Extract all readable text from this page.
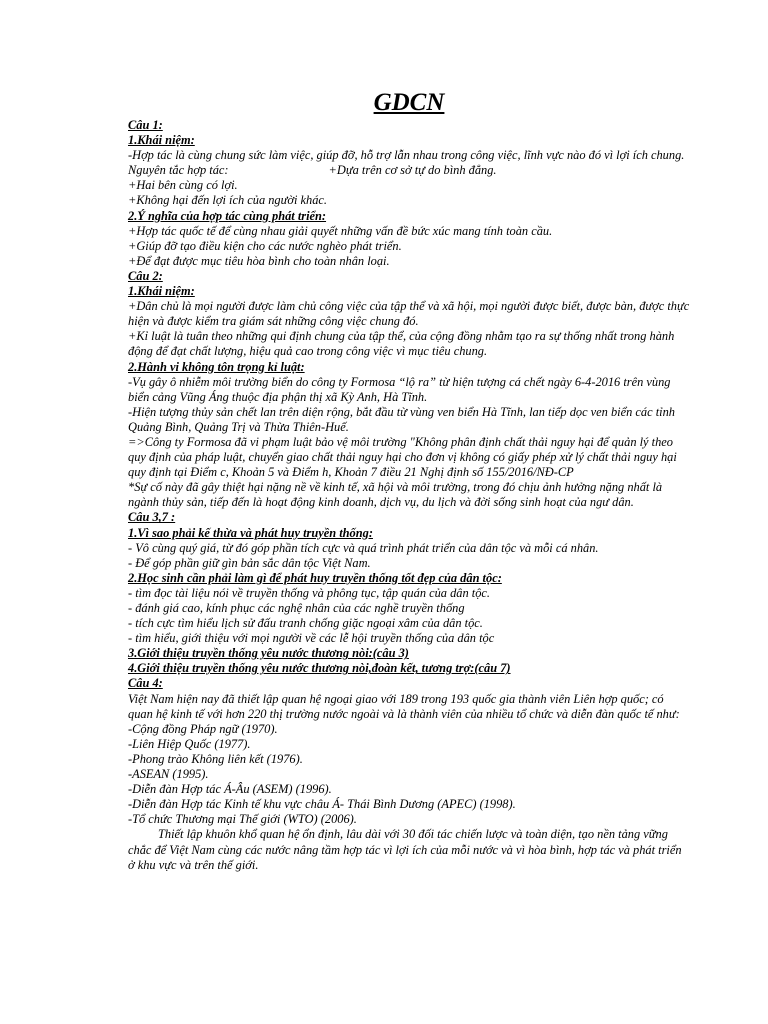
GDCN

Câu 1:

1.Khái niệm:

-Hợp tác là cùng chung sức làm việc, giúp đỡ, hỗ trợ lẫn nhau trong công việc, lĩnh vực nào đó vì lợi ích chung. Nguyên tắc hợp tác:	+Dựa trên cơ sở tự do bình đẳng.

+Hai bên cùng có lợi.

+Không hại đến lợi ích của người khác.

2.Ý nghĩa của hợp tác cùng phát triển:

+Hợp tác quốc tế để cùng nhau giải quyết những vấn đề bức xúc mang tính toàn cầu.

+Giúp đỡ tạo điều kiện cho các nước nghèo phát triển.

+Để đạt được mục tiêu hòa bình cho toàn nhân loại.

Câu 2:

1.Khái niệm:

+Dân chủ là mọi người được làm chủ công việc của tập thể và xã hội, mọi người được biết, được bàn, được thực hiện và được kiểm tra giám sát những công việc chung đó.

+Kỉ luật là tuân theo những qui định chung của tập thể, của cộng đồng nhằm tạo ra sự thống nhất trong hành động để đạt chất lượng, hiệu quả cao trong công việc vì mục tiêu chung.

2.Hành vi không tôn trọng kỉ luật:

-Vụ gây ô nhiễm môi trường biển do công ty Formosa “lộ ra” từ hiện tượng cá chết ngày 6-4-2016 trên vùng biển cảng Vũng Áng thuộc địa phận thị xã Kỳ Anh, Hà Tĩnh.

-Hiện tượng thủy sản chết lan trên diện rộng, bắt đầu từ vùng ven biển Hà Tĩnh, lan tiếp dọc ven biển các tỉnh Quảng Bình, Quảng Trị và Thừa Thiên-Huế.

=>Công ty Formosa đã vi phạm luật bảo vệ môi trường "Không phân định chất thải nguy hại để quản lý theo quy định của pháp luật, chuyển giao chất thải nguy hại cho đơn vị không có giấy phép xử lý chất thải nguy hại quy định tại Điểm c, Khoản 5 và Điểm h, Khoản 7 điều 21 Nghị định số 155/2016/NĐ-CP

*Sự cố này đã gây thiệt hại nặng nề về kinh tế, xã hội và môi trường, trong đó chịu ảnh hưởng nặng nhất là ngành thủy sản, tiếp đến là hoạt động kinh doanh, dịch vụ, du lịch và đời sống sinh hoạt của ngư dân.

Câu 3,7 :

1.Vì sao phải kế thừa và phát huy truyền thống:

- Vô cùng quý giá, từ đó góp phần tích cực và quá trình phát triển của dân tộc và mỗi cá nhân.

- Để góp phần giữ gìn bản sắc dân tộc Việt Nam.

2.Học sinh cần phải làm gì để phát huy truyền thống tốt đẹp của dân tộc:

- tìm đọc tài liệu nói về truyền thống và phông tục, tập quán của dân tộc.

- đánh giá cao, kính phục các nghệ nhân của các nghề truyền thống

- tích cực tìm hiểu lịch sử đấu tranh chống giặc ngoại xâm của dân tộc.

- tìm hiểu, giới thiệu với mọi người về các lễ hội truyền thống của dân tộc

3.Giới thiệu truyền thống yêu nước thương nòi:(câu 3)

4.Giới thiệu truyền thống yêu nước thương nòi,đoàn kết, tương trợ:(câu 7)

Câu 4:

Việt Nam hiện nay đã thiết lập quan hệ ngoại giao với 189 trong 193 quốc gia thành viên Liên hợp quốc; có quan hệ kinh tế với hơn 220 thị trường nước ngoài và là thành viên của nhiều tổ chức và diễn đàn quốc tế như:

-Cộng đồng Pháp ngữ (1970).

-Liên Hiệp Quốc (1977).

-Phong trào Không liên kết (1976).

-ASEAN (1995).

-Diễn đàn Hợp tác Á-Âu (ASEM) (1996).

-Diễn đàn Hợp tác Kinh tế khu vực châu Á- Thái Bình Dương (APEC) (1998).

-Tổ chức Thương mại Thế giới (WTO) (2006).

Thiết lập khuôn khổ quan hệ ổn định, lâu dài với 30 đối tác chiến lược và toàn diện, tạo nền tảng vững chắc để Việt Nam cùng các nước nâng tầm hợp tác vì lợi ích của mỗi nước và vì hòa bình, hợp tác và phát triển ở khu vực và trên thế giới.
